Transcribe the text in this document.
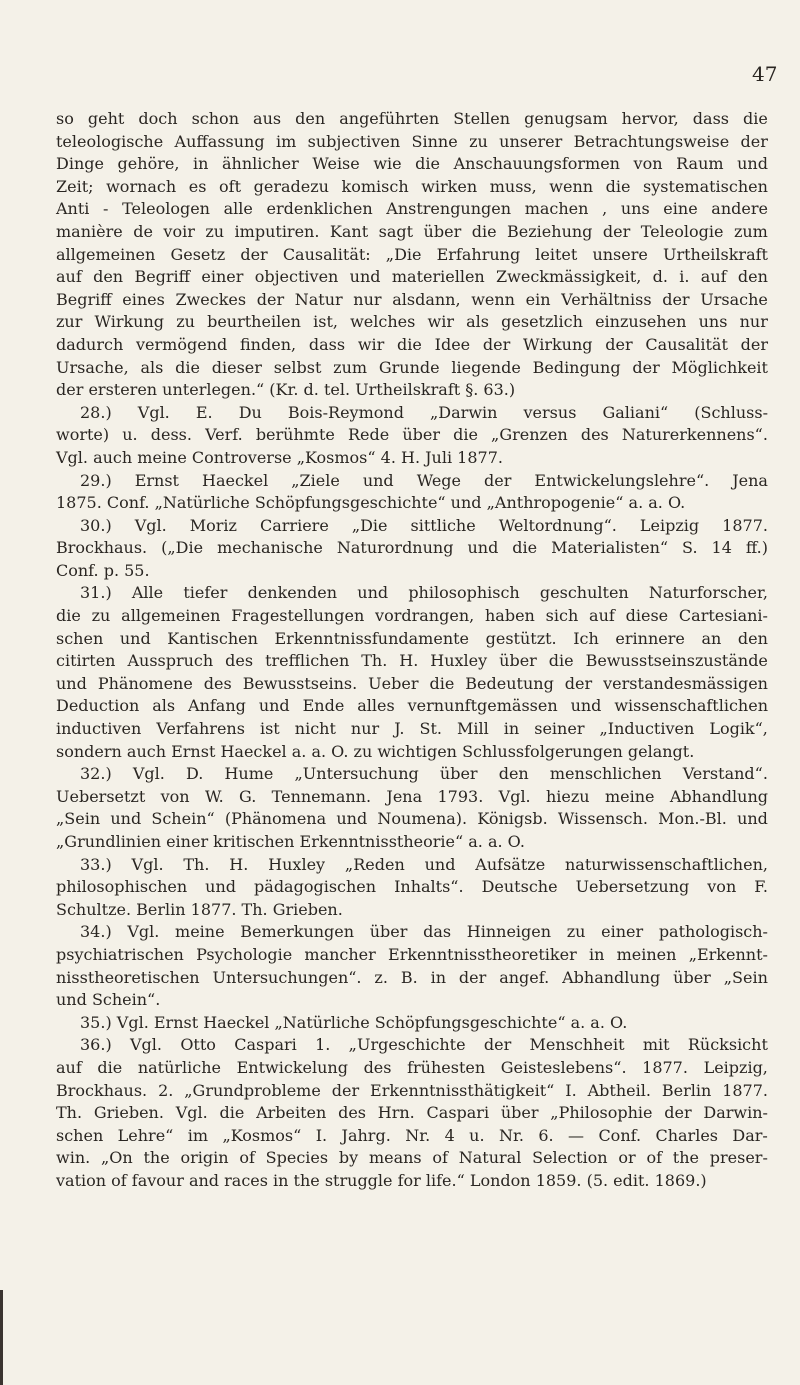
47
so geht doch schon aus den angeführten Stellen genugsam hervor, dass die
teleologische Auffassung im subjectiven Sinne zu unserer Betrachtungsweise der
Dinge gehöre, in ähnlicher Weise wie die Anschauungsformen von Raum und
Zeit; wornach es oft geradezu komisch wirken muss, wenn die systematischen
Anti - Teleologen alle erdenklichen Anstrengungen machen , uns eine andere
manière de voir zu imputiren. Kant sagt über die Beziehung der Teleologie zum
allgemeinen Gesetz der Causalität: „Die Erfahrung leitet unsere Urtheilskraft
auf den Begriff einer objectiven und materiellen Zweckmässigkeit, d. i. auf den
Begriff eines Zweckes der Natur nur alsdann, wenn ein Verhältniss der Ursache
zur Wirkung zu beurtheilen ist, welches wir als gesetzlich einzusehen uns nur
dadurch vermögend finden, dass wir die Idee der Wirkung der Causalität der
Ursache, als die dieser selbst zum Grunde liegende Bedingung der Möglichkeit
der ersteren unterlegen.“ (Kr. d. tel. Urtheilskraft §. 63.)
28.) Vgl. E. Du Bois-Reymond „Darwin versus Galiani“ (Schluss-
worte) u. dess. Verf. berühmte Rede über die „Grenzen des Naturerkennens“.
Vgl. auch meine Controverse „Kosmos“ 4. H. Juli 1877.
29.) Ernst Haeckel „Ziele und Wege der Entwickelungslehre“. Jena
1875. Conf. „Natürliche Schöpfungsgeschichte“ und „Anthropogenie“ a. a. O.
30.) Vgl. Moriz Carriere „Die sittliche Weltordnung“. Leipzig 1877.
Brockhaus. („Die mechanische Naturordnung und die Materialisten“ S. 14 ff.)
Conf. p. 55.
31.) Alle tiefer denkenden und philosophisch geschulten Naturforscher,
die zu allgemeinen Fragestellungen vordrangen, haben sich auf diese Cartesiani-
schen und Kantischen Erkenntnissfundamente gestützt. Ich erinnere an den
citirten Ausspruch des trefflichen Th. H. Huxley über die Bewusstseinszustände
und Phänomene des Bewusstseins. Ueber die Bedeutung der verstandesmässigen
Deduction als Anfang und Ende alles vernunftgemässen und wissenschaftlichen
inductiven Verfahrens ist nicht nur J. St. Mill in seiner „Inductiven Logik“,
sondern auch Ernst Haeckel a. a. O. zu wichtigen Schlussfolgerungen gelangt.
32.) Vgl. D. Hume „Untersuchung über den menschlichen Verstand“.
Uebersetzt von W. G. Tennemann. Jena 1793. Vgl. hiezu meine Abhandlung
„Sein und Schein“ (Phänomena und Noumena). Königsb. Wissensch. Mon.-Bl. und
„Grundlinien einer kritischen Erkenntnisstheorie“ a. a. O.
33.) Vgl. Th. H. Huxley „Reden und Aufsätze naturwissenschaftlichen,
philosophischen und pädagogischen Inhalts“. Deutsche Uebersetzung von F.
Schultze. Berlin 1877. Th. Grieben.
34.) Vgl. meine Bemerkungen über das Hinneigen zu einer pathologisch-
psychiatrischen Psychologie mancher Erkenntnisstheoretiker in meinen „Erkennt-
nisstheoretischen Untersuchungen“. z. B. in der angef. Abhandlung über „Sein
und Schein“.
35.) Vgl. Ernst Haeckel „Natürliche Schöpfungsgeschichte“ a. a. O.
36.) Vgl. Otto Caspari 1. „Urgeschichte der Menschheit mit Rücksicht
auf die natürliche Entwickelung des frühesten Geisteslebens“. 1877. Leipzig,
Brockhaus. 2. „Grundprobleme der Erkenntnissthätigkeit“ I. Abtheil. Berlin 1877.
Th. Grieben. Vgl. die Arbeiten des Hrn. Caspari über „Philosophie der Darwin-
schen Lehre“ im „Kosmos“ I. Jahrg. Nr. 4 u. Nr. 6. — Conf. Charles Dar-
win. „On the origin of Species by means of Natural Selection or of the preser-
vation of favour and races in the struggle for life.“ London 1859. (5. edit. 1869.)
